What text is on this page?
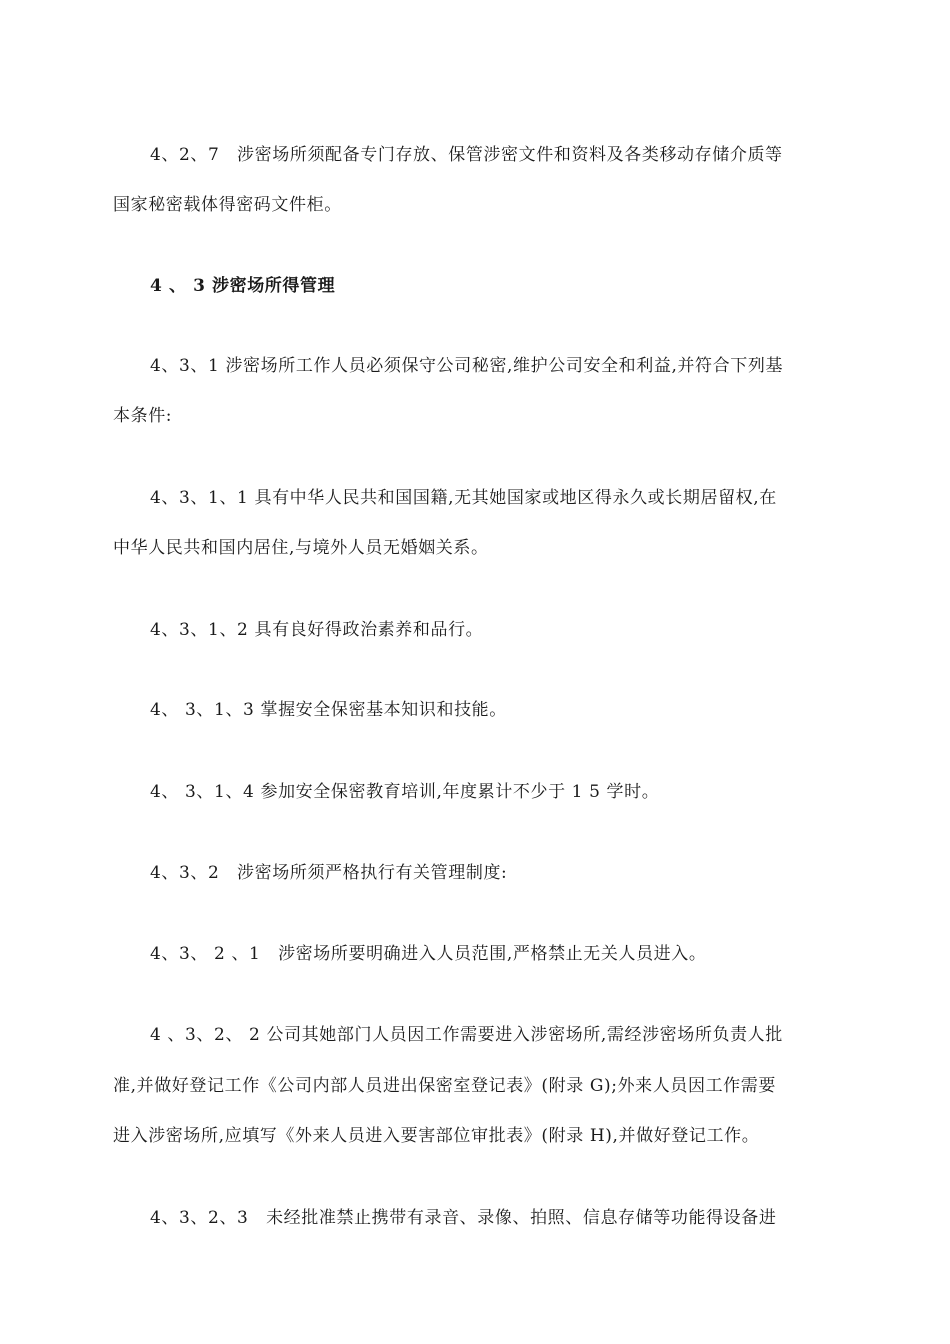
4、2、7　涉密场所须配备专门存放、保管涉密文件和资料及各类移动存储介质等
国家秘密载体得密码文件柜。
4 、 3 涉密场所得管理
4、3、1 涉密场所工作人员必须保守公司秘密,维护公司安全和利益,并符合下列基
本条件:
4、3、1、1 具有中华人民共和国国籍,无其她国家或地区得永久或长期居留权,在
中华人民共和国内居住,与境外人员无婚姻关系。
4、3、1、2 具有良好得政治素养和品行。
4、 3、1、3 掌握安全保密基本知识和技能。
4、 3、1、4 参加安全保密教育培训,年度累计不少于 1 5 学时。
4、3、2　涉密场所须严格执行有关管理制度:
4、3、 2 、1　涉密场所要明确进入人员范围,严格禁止无关人员进入。
4 、3、2、 2 公司其她部门人员因工作需要进入涉密场所,需经涉密场所负责人批
准,并做好登记工作《公司内部人员进出保密室登记表》(附录 G);外来人员因工作需要
进入涉密场所,应填写《外来人员进入要害部位审批表》(附录 H),并做好登记工作。
4、3、2、3　未经批准禁止携带有录音、录像、拍照、信息存储等功能得设备进
